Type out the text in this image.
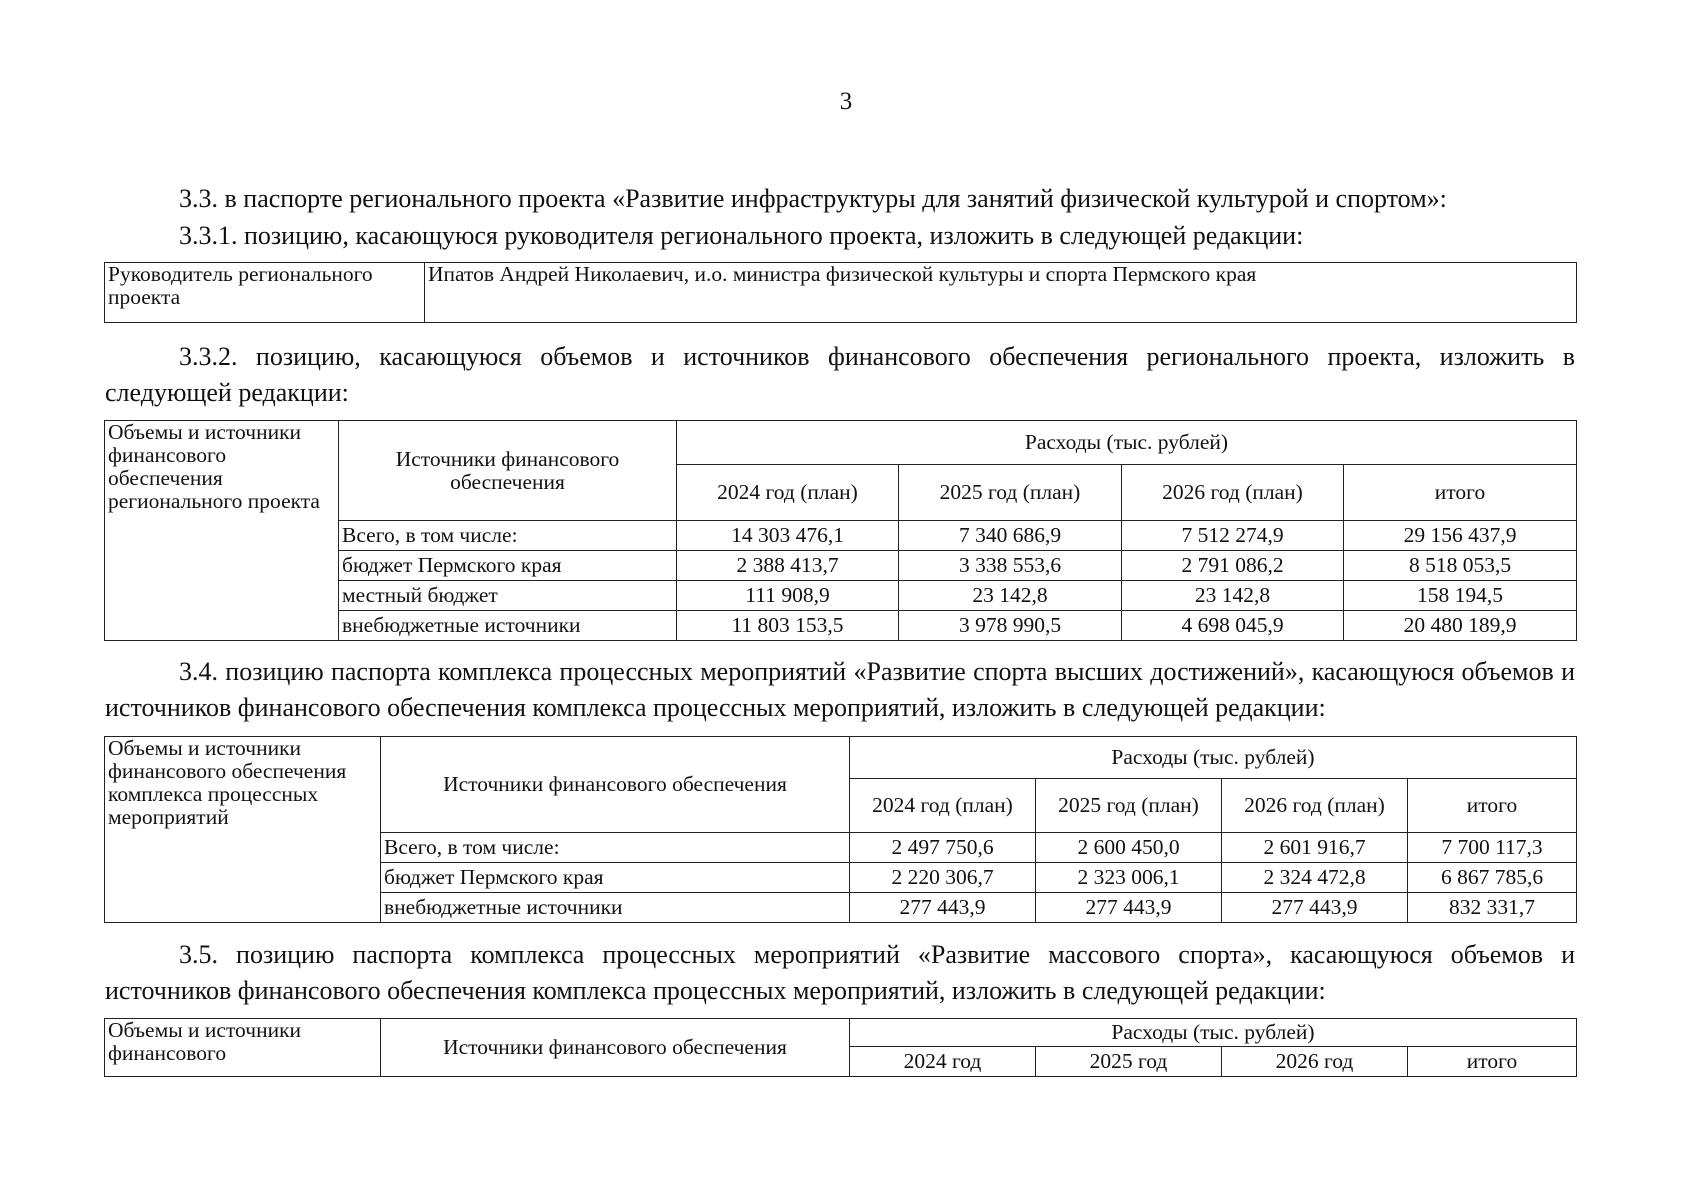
3

3.3. в паспорте регионального проекта «Развитие инфраструктуры для занятий физической культурой и спортом»:

3.3.1. позицию, касающуюся руководителя регионального проекта, изложить в следующей редакции:

Руководитель регионального проекта	Ипатов Андрей Николаевич, и.о. министра физической культуры и спорта Пермского края

3.3.2. позицию, касающуюся объемов и источников финансового обеспечения регионального проекта, изложить в следующей редакции:

Объемы и источники финансового обеспечения регионального проекта	Источники финансового обеспечения	Расходы (тыс. рублей)			
		2024 год (план)	2025 год (план)	2026 год (план)	итого
	Всего, в том числе:	14 303 476,1	7 340 686,9	7 512 274,9	29 156 437,9
	бюджет Пермского края	2 388 413,7	3 338 553,6	2 791 086,2	8 518 053,5
	местный бюджет	111 908,9	23 142,8	23 142,8	158 194,5
	внебюджетные источники	11 803 153,5	3 978 990,5	4 698 045,9	20 480 189,9

3.4. позицию паспорта комплекса процессных мероприятий «Развитие спорта высших достижений», касающуюся объемов и источников финансового обеспечения комплекса процессных мероприятий, изложить в следующей редакции:

Объемы и источники финансового обеспечения комплекса процессных мероприятий	Источники финансового обеспечения	Расходы (тыс. рублей)			
		2024 год (план)	2025 год (план)	2026 год (план)	итого
	Всего, в том числе:	2 497 750,6	2 600 450,0	2 601 916,7	7 700 117,3
	бюджет Пермского края	2 220 306,7	2 323 006,1	2 324 472,8	6 867 785,6
	внебюджетные источники	277 443,9	277 443,9	277 443,9	832 331,7

3.5. позицию паспорта комплекса процессных мероприятий «Развитие массового спорта», касающуюся объемов и источников финансового обеспечения комплекса процессных мероприятий, изложить в следующей редакции:

Объемы и источники финансового	Источники финансового обеспечения	Расходы (тыс. рублей)			
		2024 год	2025 год	2026 год	итого
